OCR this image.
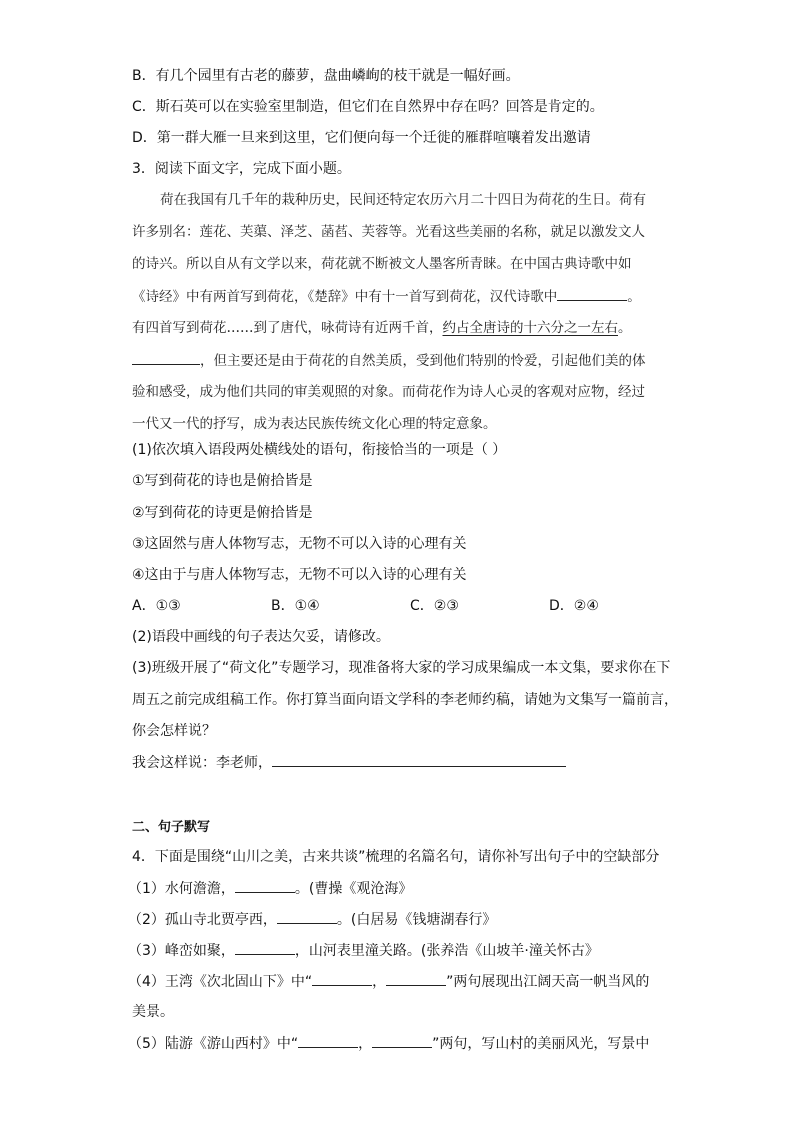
B．有几个园里有古老的藤萝，盘曲嶙峋的枝干就是一幅好画。
C．斯石英可以在实验室里制造，但它们在自然界中存在吗？回答是肯定的。
D．第一群大雁一旦来到这里，它们便向每一个迁徙的雁群喧嚷着发出邀请
3．阅读下面文字，完成下面小题。
荷在我国有几千年的栽种历史，民间还特定农历六月二十四日为荷花的生日。荷有
许多别名：莲花、芙蕖、泽芝、菡萏、芙蓉等。光看这些美丽的名称，就足以激发文人
的诗兴。所以自从有文学以来，荷花就不断被文人墨客所青睐。在中国古典诗歌中如
《诗经》中有两首写到荷花，《楚辞》中有十一首写到荷花，汉代诗歌中	。
有四首写到荷花……到了唐代，咏荷诗有近两千首，约占全唐诗的十六分之一左右。
，但主要还是由于荷花的自然美质，受到他们特别的怜爱，引起他们美的体
验和感受，成为他们共同的审美观照的对象。而荷花作为诗人心灵的客观对应物，经过
一代又一代的抒写，成为表达民族传统文化心理的特定意象。
(1)依次填入语段两处横线处的语句，衔接恰当的一项是（ ）
①写到荷花的诗也是俯拾皆是
②写到荷花的诗更是俯拾皆是
③这固然与唐人体物写志，无物不可以入诗的心理有关
④这由于与唐人体物写志，无物不可以入诗的心理有关
A．①③	B．①④	C．②③	D．②④
(2)语段中画线的句子表达欠妥，请修改。
(3)班级开展了“荷文化”专题学习，现准备将大家的学习成果编成一本文集，要求你在下
周五之前完成组稿工作。你打算当面向语文学科的李老师约稿，请她为文集写一篇前言，
你会怎样说？
我会这样说：李老师，
二、句子默写
4．下面是围绕“山川之美，古来共谈”梳理的名篇名句，请你补写出句子中的空缺部分
（1）水何澹澹，	。(曹操《观沧海》
（2）孤山寺北贾亭西，	。(白居易《钱塘湖春行》
（3）峰峦如聚，	，山河表里潼关路。(张养浩《山坡羊·潼关怀古》
（4）王湾《次北固山下》中“	，	”两句展现出江阔天高一帆当风的
美景。
（5）陆游《游山西村》中“	，	”两句，写山村的美丽风光，写景中
